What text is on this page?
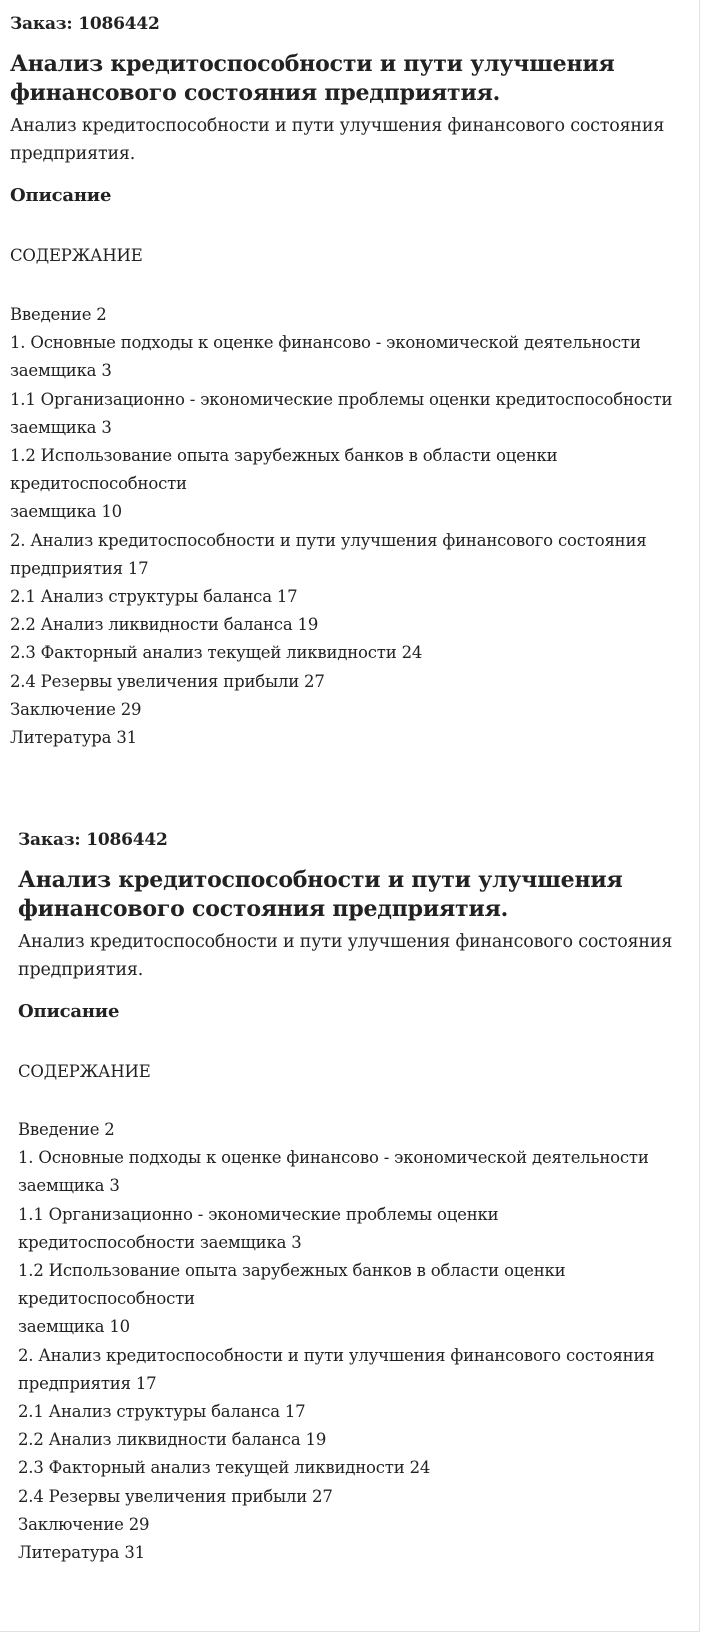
Заказ: 1086442

Анализ кредитоспособности и пути улучшения финансового состояния предприятия.

Анализ кредитоспособности и пути улучшения финансового состояния предприятия.

Описание

СОДЕРЖАНИЕ

Введение 2
1. Основные подходы к оценке финансово - экономической деятельности заемщика 3
1.1 Организационно - экономические проблемы оценки кредитоспособности заемщика 3
1.2 Использование опыта зарубежных банков в области оценки кредитоспособности
заемщика 10
2. Анализ кредитоспособности и пути улучшения финансового состояния предприятия 17
2.1 Анализ структуры баланса 17
2.2 Анализ ликвидности баланса 19
2.3 Факторный анализ текущей ликвидности 24
2.4 Резервы увеличения прибыли 27
Заключение 29
Литература 31

Заказ: 1086442

Анализ кредитоспособности и пути улучшения финансового состояния предприятия.

Анализ кредитоспособности и пути улучшения финансового состояния предприятия.

Описание

СОДЕРЖАНИЕ

Введение 2
1. Основные подходы к оценке финансово - экономической деятельности заемщика 3
1.1 Организационно - экономические проблемы оценки кредитоспособности заемщика 3
1.2 Использование опыта зарубежных банков в области оценки кредитоспособности
заемщика 10
2. Анализ кредитоспособности и пути улучшения финансового состояния предприятия 17
2.1 Анализ структуры баланса 17
2.2 Анализ ликвидности баланса 19
2.3 Факторный анализ текущей ликвидности 24
2.4 Резервы увеличения прибыли 27
Заключение 29
Литература 31
